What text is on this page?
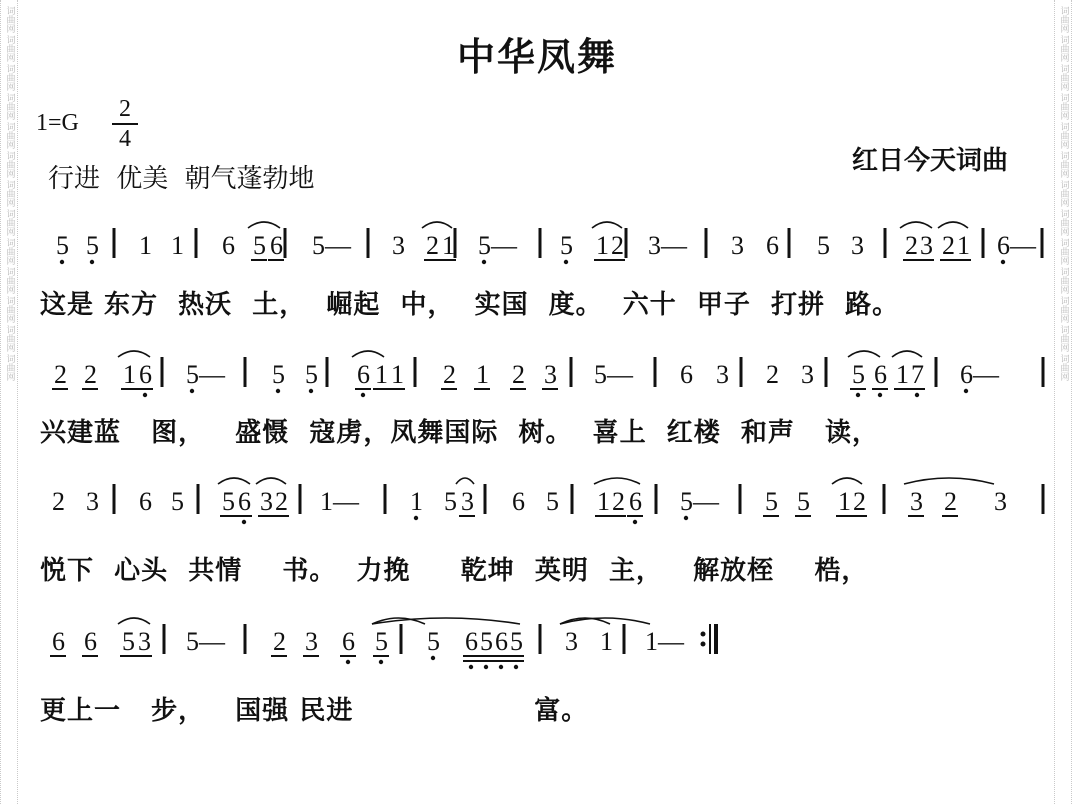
词曲网
词曲网
词曲网
词曲网
词曲网
词曲网
词曲网
词曲网
词曲网
词曲网
词曲网
词曲网
词曲网
词曲网
词曲网
词曲网
词曲网
词曲网
词曲网
词曲网
词曲网
词曲网
词曲网
词曲网
词曲网
词曲网
中华凤舞
1=G
2
4
行进 优美 朝气蓬勃地
红日今天词曲
5 5 1 1 6 5 6 5— 3 2 1 5— 5 1 2 3— 3 6 5 3 2 3 2 1 6—
2 2 1 6 5— 5 5 6 1 1 2 1 2 3 5— 6 3 2 3 5 6 1 7 6—
2 3 6 5 5 6 3 2 1— 1 5 3 6 5 1 2 6 5— 5 5 1 2 3 2 3
6 6 5 3 5— 2 3 6 5 5 6 5 6 5 3 1 1—
这是 东方  热沃  土，  崛起  中，  实国  度。  六十  甲子  打拼  路。
兴建蓝   图，   盛慑  寇虏，凤舞国际  树。  喜上  红楼  和声   读，
悦下  心头  共情    书。  力挽     乾坤  英明  主，   解放桎    梏，
更上一   步，   国强 民进                  富。
